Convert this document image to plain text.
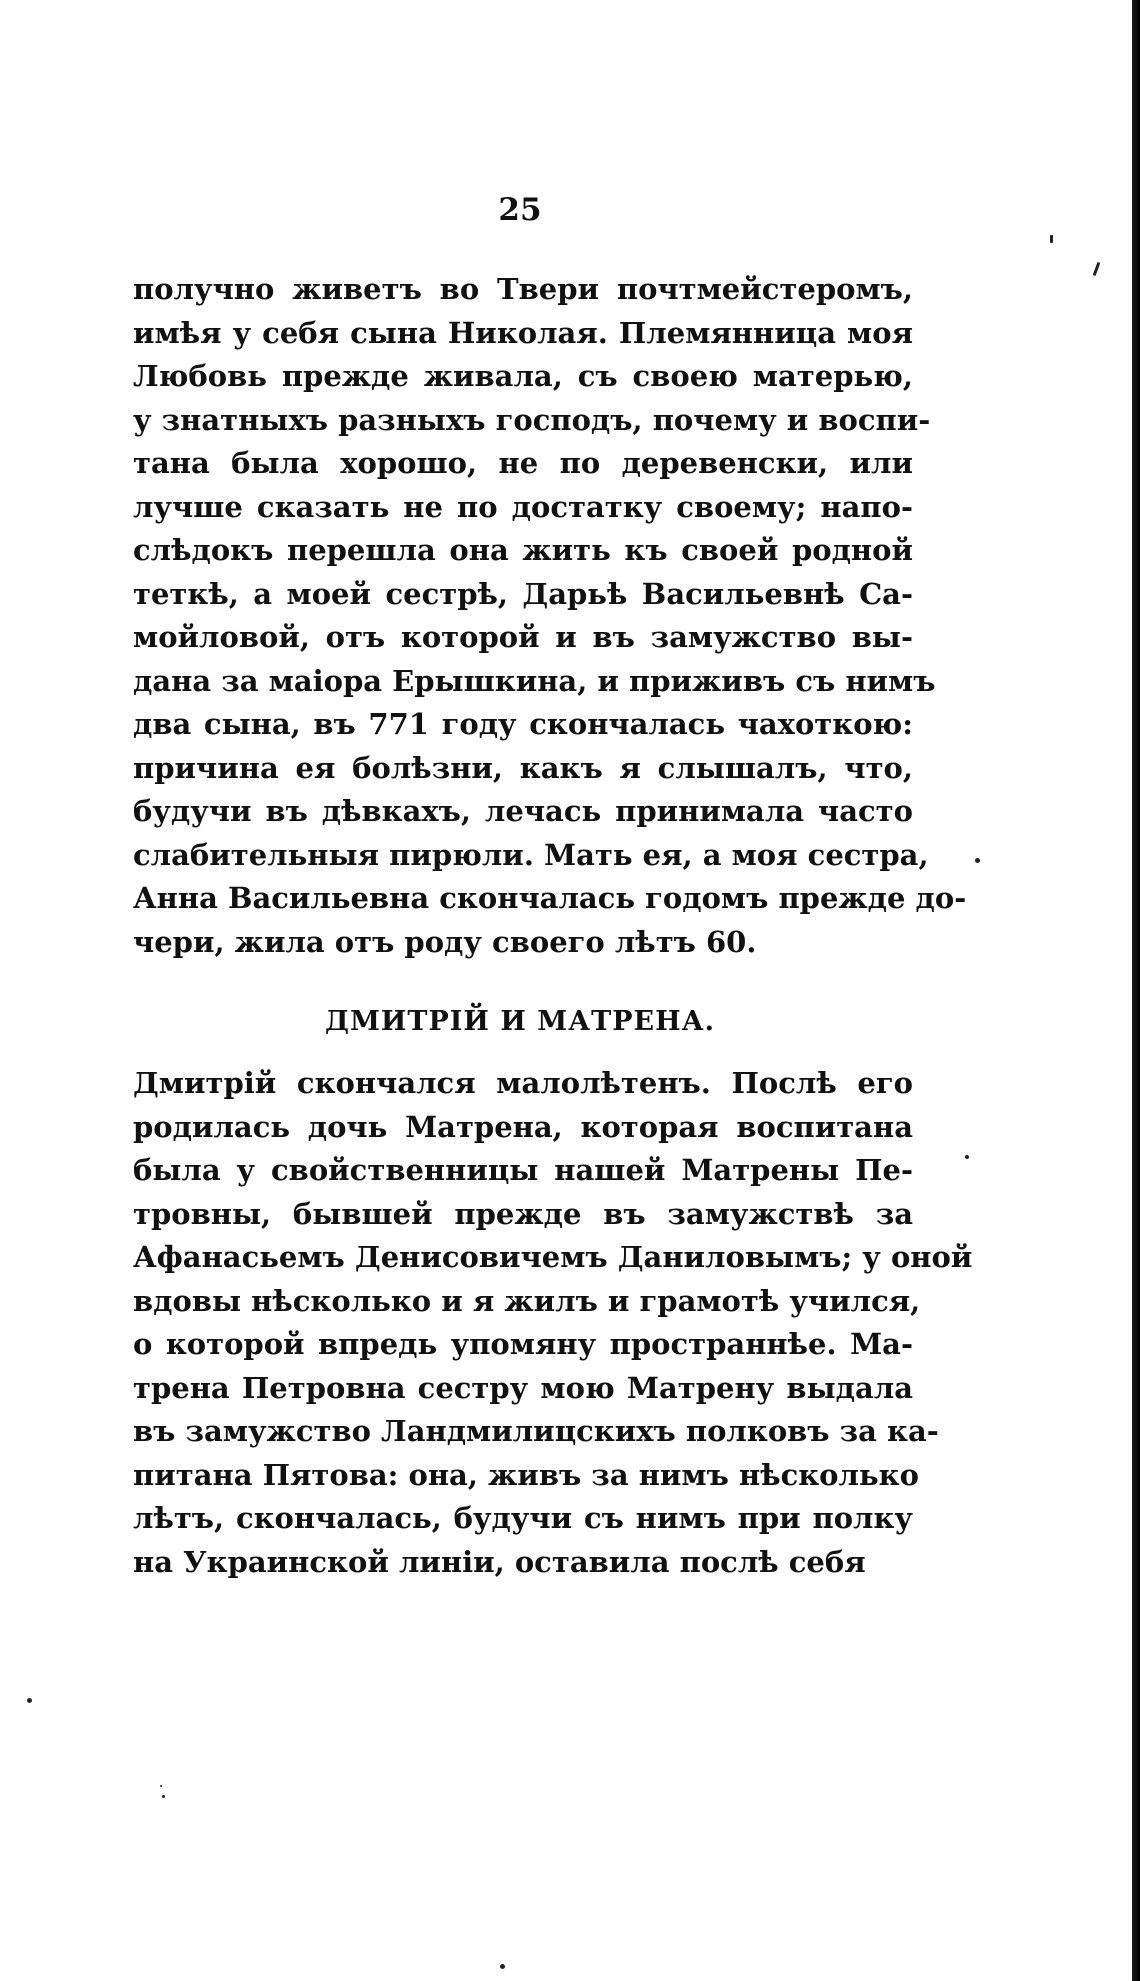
25
получно живетъ во Твери почтмейстеромъ,
имѣя у себя сына Николая. Племянница моя
Любовь прежде живала, съ своею матерью,
у знатныхъ разныхъ господъ, почему и воспи-
тана была хорошо, не по деревенски, или
лучше сказать не по достатку своему; напо-
слѣдокъ перешла она жить къ своей родной
теткѣ, а моей сестрѣ, Дарьѣ Васильевнѣ Са-
мойловой, отъ которой и въ замужство вы-
дана за маіора Ерышкина, и приживъ съ нимъ
два сына, въ 771 году скончалась чахоткою:
причина ея болѣзни, какъ я слышалъ, что,
будучи въ дѣвкахъ, лечась принимала часто
слабительныя пирюли. Мать ея, а моя сестра,
Анна Васильевна скончалась годомъ прежде до-
чери, жила отъ роду своего лѣтъ 60.
ДМИТРІЙ И МАТРЕНА.
Дмитрій скончался малолѣтенъ. Послѣ его
родилась дочь Матрена, которая воспитана
была у свойственницы нашей Матрены Пе-
тровны, бывшей прежде въ замужствѣ за
Афанасьемъ Денисовичемъ Даниловымъ; у оной
вдовы нѣсколько и я жилъ и грамотѣ учился,
о которой впредь упомяну пространнѣе. Ма-
трена Петровна сестру мою Матрену выдала
въ замужство Ландмилицскихъ полковъ за ка-
питана Пятова: она, живъ за нимъ нѣсколько
лѣтъ, скончалась, будучи съ нимъ при полку
на Украинской линіи, оставила послѣ себя
